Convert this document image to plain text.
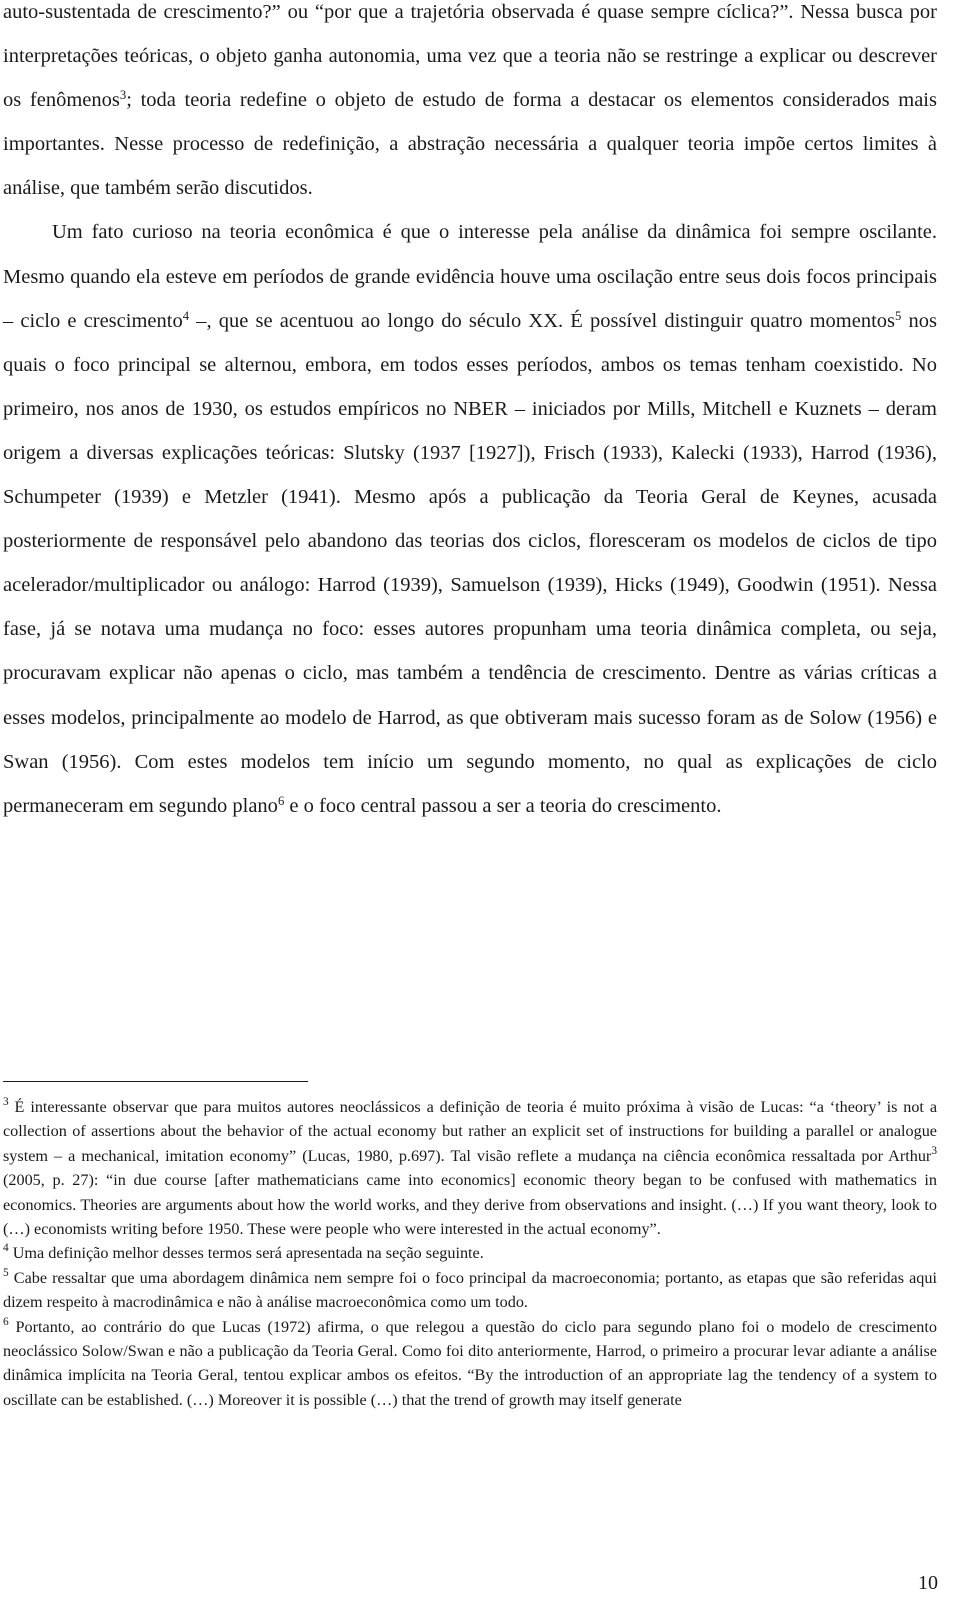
auto-sustentada de crescimento?” ou “por que a trajetória observada é quase sempre cíclica?”. Nessa busca por interpretações teóricas, o objeto ganha autonomia, uma vez que a teoria não se restringe a explicar ou descrever os fenômenos$^3$; toda teoria redefine o objeto de estudo de forma a destacar os elementos considerados mais importantes. Nesse processo de redefinição, a abstração necessária a qualquer teoria impõe certos limites à análise, que também serão discutidos.

Um fato curioso na teoria econômica é que o interesse pela análise da dinâmica foi sempre oscilante. Mesmo quando ela esteve em períodos de grande evidência houve uma oscilação entre seus dois focos principais – ciclo e crescimento$^4$ –, que se acentuou ao longo do século XX. É possível distinguir quatro momentos$^5$ nos quais o foco principal se alternou, embora, em todos esses períodos, ambos os temas tenham coexistido. No primeiro, nos anos de 1930, os estudos empíricos no NBER – iniciados por Mills, Mitchell e Kuznets – deram origem a diversas explicações teóricas: Slutsky (1937 [1927]), Frisch (1933), Kalecki (1933), Harrod (1936), Schumpeter (1939) e Metzler (1941). Mesmo após a publicação da Teoria Geral de Keynes, acusada posteriormente de responsável pelo abandono das teorias dos ciclos, floresceram os modelos de ciclos de tipo acelerador/multiplicador ou análogo: Harrod (1939), Samuelson (1939), Hicks (1949), Goodwin (1951). Nessa fase, já se notava uma mudança no foco: esses autores propunham uma teoria dinâmica completa, ou seja, procuravam explicar não apenas o ciclo, mas também a tendência de crescimento. Dentre as várias críticas a esses modelos, principalmente ao modelo de Harrod, as que obtiveram mais sucesso foram as de Solow (1956) e Swan (1956). Com estes modelos tem início um segundo momento, no qual as explicações de ciclo permaneceram em segundo plano$^6$ e o foco central passou a ser a teoria do crescimento.

$^3$ É interessante observar que para muitos autores neoclássicos a definição de teoria é muito próxima à visão de Lucas: “a ‘theory’ is not a collection of assertions about the behavior of the actual economy but rather an explicit set of instructions for building a parallel or analogue system – a mechanical, imitation economy” (Lucas, 1980, p.697). Tal visão reflete a mudança na ciência econômica ressaltada por Arthur$^3$ (2005, p. 27): “in due course [after mathematicians came into economics] economic theory began to be confused with mathematics in economics. Theories are arguments about how the world works, and they derive from observations and insight. (…) If you want theory, look to (…) economists writing before 1950. These were people who were interested in the actual economy”.

$^4$ Uma definição melhor desses termos será apresentada na seção seguinte.

$^5$ Cabe ressaltar que uma abordagem dinâmica nem sempre foi o foco principal da macroeconomia; portanto, as etapas que são referidas aqui dizem respeito à macrodinâmica e não à análise macroeconômica como um todo.

$^6$ Portanto, ao contrário do que Lucas (1972) afirma, o que relegou a questão do ciclo para segundo plano foi o modelo de crescimento neoclássico Solow/Swan e não a publicação da Teoria Geral. Como foi dito anteriormente, Harrod, o primeiro a procurar levar adiante a análise dinâmica implícita na Teoria Geral, tentou explicar ambos os efeitos. “By the introduction of an appropriate lag the tendency of a system to oscillate can be established. (…) Moreover it is possible (…) that the trend of growth may itself generate

10
